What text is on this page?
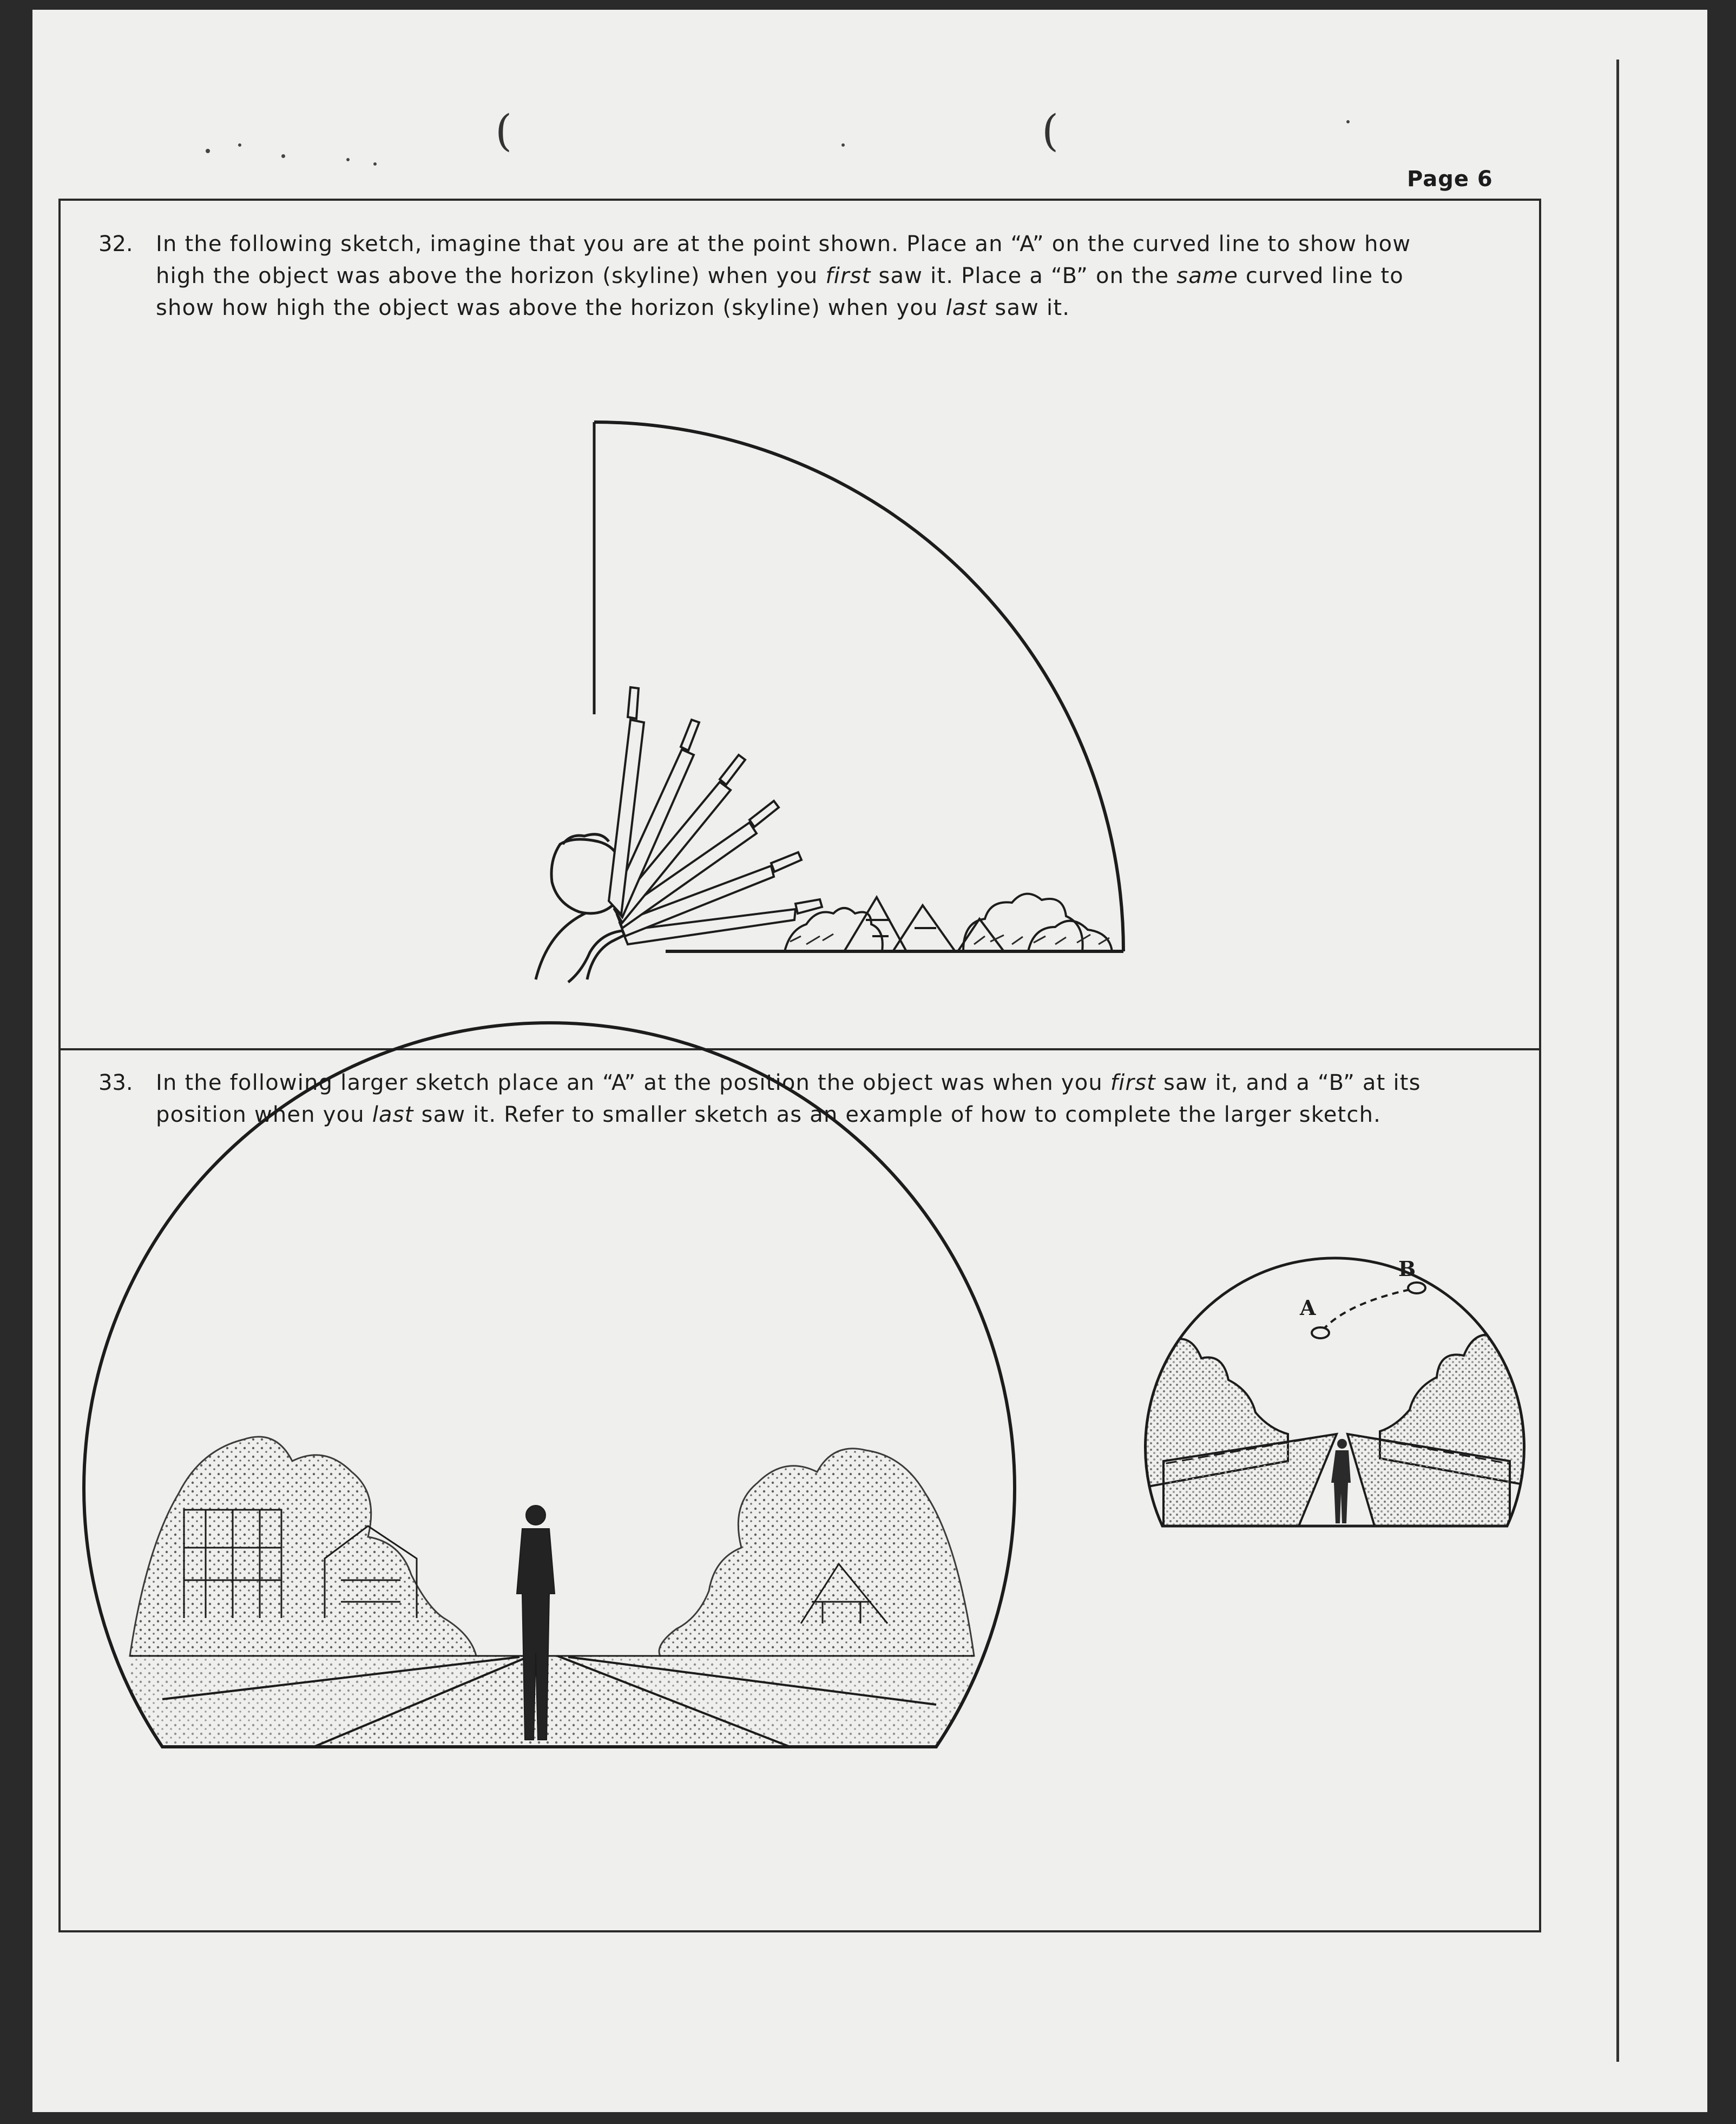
(	(
Page 6
32. In the following sketch, imagine that you are at the point shown. Place an “A” on the curved line to show how
high the object was above the horizon (skyline) when you first saw it. Place a “B” on the same curved line to
show how high the object was above the horizon (skyline) when you last saw it.
33. In the following larger sketch place an “A” at the position the object was when you first saw it, and a “B” at its
position when you last saw it. Refer to smaller sketch as an example of how to complete the larger sketch.
A
B
